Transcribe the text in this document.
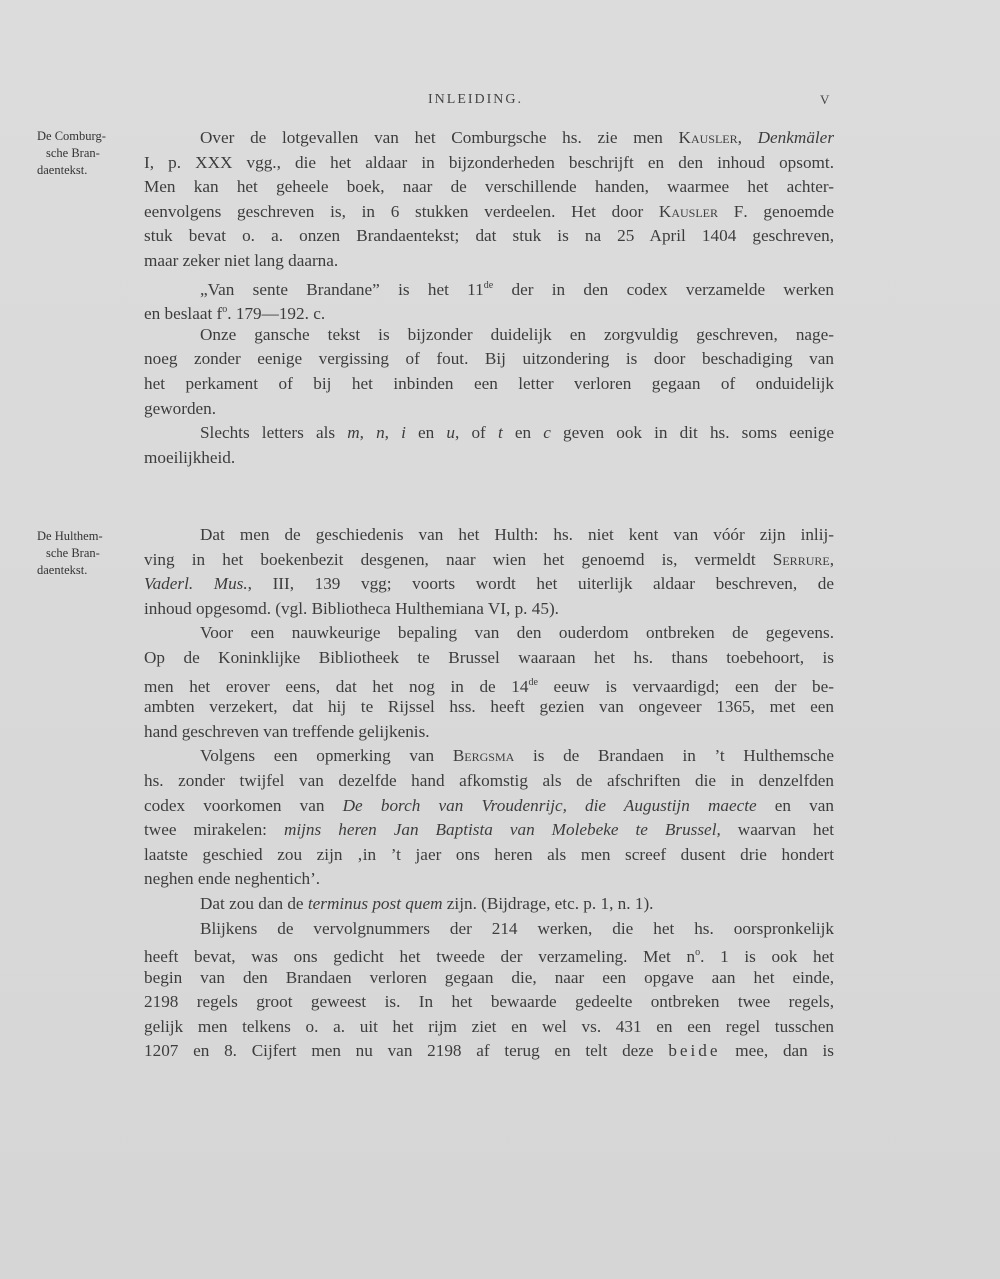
INLEIDING.	V
De Comburg-
sche Bran-
daentekst.
Over de lotgevallen van het Comburgsche hs. zie men Kausler, Denkmäler
I, p. XXX vgg., die het aldaar in bijzonderheden beschrijft en den inhoud opsomt.
Men kan het geheele boek, naar de verschillende handen, waarmee het achter-
eenvolgens geschreven is, in 6 stukken verdeelen. Het door Kausler F. genoemde
stuk bevat o. a. onzen Brandaentekst; dat stuk is na 25 April 1404 geschreven,
maar zeker niet lang daarna.
„Van sente Brandane” is het 11de der in den codex verzamelde werken
en beslaat $f^o$. 179—192. c.
Onze gansche tekst is bijzonder duidelijk en zorgvuldig geschreven, nage-
noeg zonder eenige vergissing of fout. Bij uitzondering is door beschadiging van
het perkament of bij het inbinden een letter verloren gegaan of onduidelijk
geworden.
Slechts letters als m, n, i en u, of t en c geven ook in dit hs. soms eenige
moeilijkheid.
De Hulthem-
sche Bran-
daentekst.
Dat men de geschiedenis van het Hulth: hs. niet kent van vóór zijn inlij-
ving in het boekenbezit desgenen, naar wien het genoemd is, vermeldt Serrure,
Vaderl. Mus., III, 139 vgg; voorts wordt het uiterlijk aldaar beschreven, de
inhoud opgesomd. (vgl. Bibliotheca Hulthemiana VI, p. 45).
Voor een nauwkeurige bepaling van den ouderdom ontbreken de gegevens.
Op de Koninklijke Bibliotheek te Brussel waaraan het hs. thans toebehoort, is
men het erover eens, dat het nog in de 14de eeuw is vervaardigd; een der be-
ambten verzekert, dat hij te Rijssel hss. heeft gezien van ongeveer 1365, met een
hand geschreven van treffende gelijkenis.
Volgens een opmerking van Bergsma is de Brandaen in ’t Hulthemsche
hs. zonder twijfel van dezelfde hand afkomstig als de afschriften die in denzelfden
codex voorkomen van De borch van Vroudenrijc, die Augustijn maecte en van
twee mirakelen: mijns heren Jan Baptista van Molebeke te Brussel, waarvan het
laatste geschied zou zijn ‚in ’t jaer ons heren als men screef dusent drie hondert
neghen ende neghentich’.
Dat zou dan de terminus post quem zijn. (Bijdrage, etc. p. 1, n. 1).
Blijkens de vervolgnummers der 214 werken, die het hs. oorspronkelijk
heeft bevat, was ons gedicht het tweede der verzameling. Met $n^o$. 1 is ook het
begin van den Brandaen verloren gegaan die, naar een opgave aan het einde,
2198 regels groot geweest is. In het bewaarde gedeelte ontbreken twee regels,
gelijk men telkens o. a. uit het rijm ziet en wel vs. 431 en een regel tusschen
1207 en 8. Cijfert men nu van 2198 af terug en telt deze beide mee, dan is
